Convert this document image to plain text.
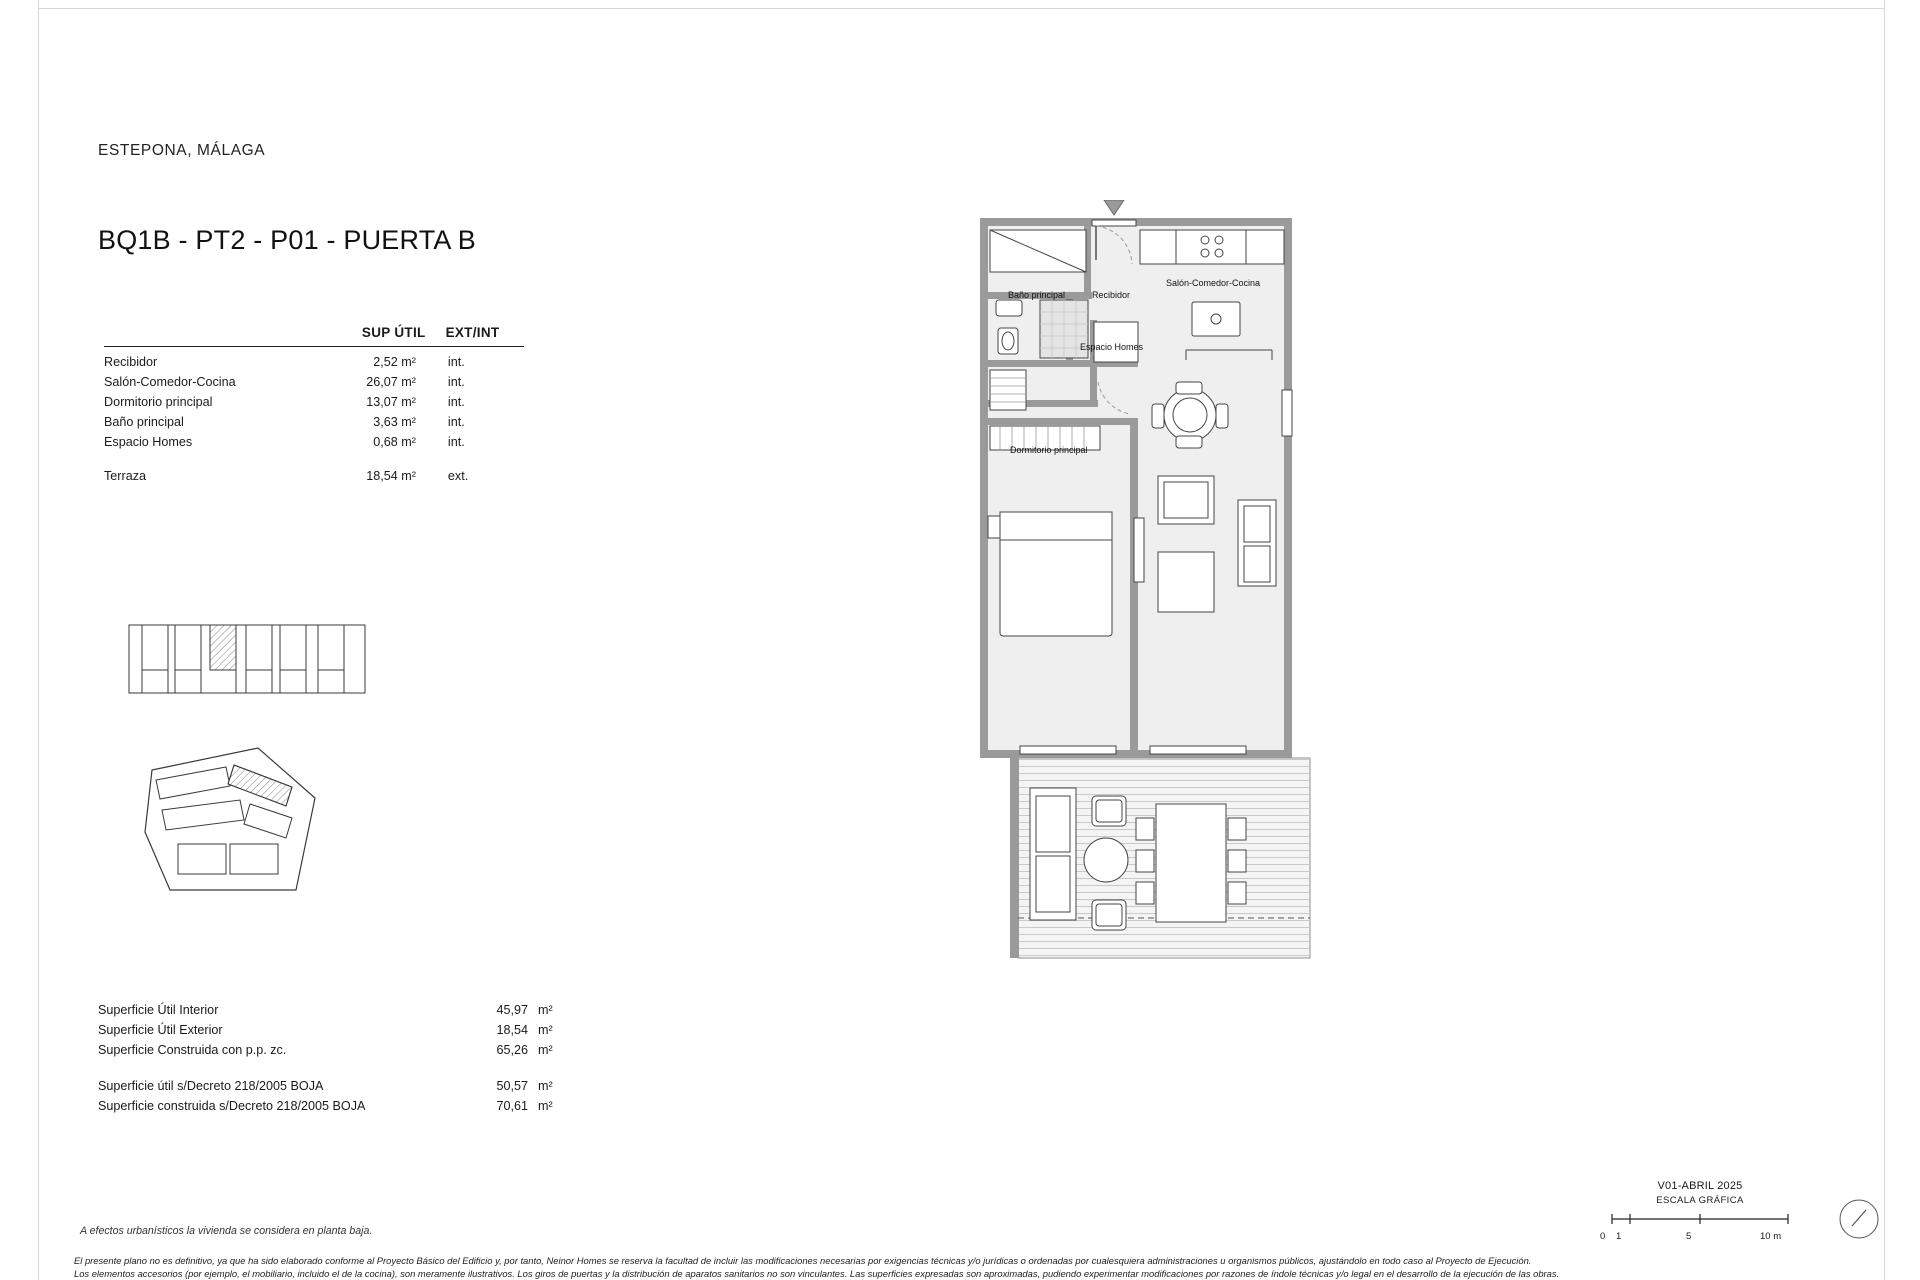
ESTEPONA, MÁLAGA
BQ1B - PT2 - P01 - PUERTA B
SUP ÚTIL	EXT/INT
Recibidor	2,52 m²	int.
Salón-Comedor-Cocina	26,07 m²	int.
Dormitorio principal	13,07 m²	int.
Baño principal	3,63 m²	int.
Espacio Homes	0,68 m²	int.
Terraza	18,54 m²	ext.
Superficie Útil Interior	45,97 m²
Superficie Útil Exterior	18,54 m²
Superficie Construida con p.p. zc.	65,26 m²
Superficie útil s/Decreto 218/2005 BOJA	50,57 m²
Superficie construida s/Decreto 218/2005 BOJA	70,61 m²
A efectos urbanísticos la vivienda se considera en planta baja.
El presente plano no es definitivo, ya que ha sido elaborado conforme al Proyecto Básico del Edificio y, por tanto, Neinor Homes se reserva la facultad de incluir las modificaciones necesarias por exigencias técnicas y/o jurídicas o ordenadas por cualesquiera administraciones u organismos públicos, ajustándolo en todo caso al Proyecto de Ejecución.
Los elementos accesorios (por ejemplo, el mobiliario, incluido el de la cocina), son meramente ilustrativos. Los giros de puertas y la distribución de aparatos sanitarios no son vinculantes. Las superficies expresadas son aproximadas, pudiendo experimentar modificaciones por razones de índole técnicas y/o legal en el desarrollo de la ejecución de las obras.
Baño principal	Recibidor
Salón-Comedor-Cocina
Espacio Homes
Dormitorio principal
V01-ABRIL 2025
ESCALA GRÁFICA
0 1	5	10 m
